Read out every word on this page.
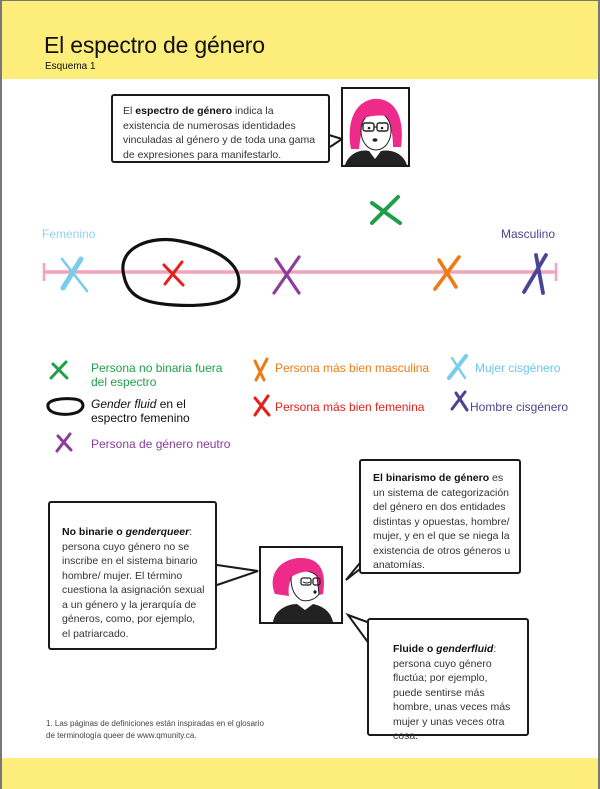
El espectro de género
Esquema 1
El espectro de género indica la existencia de numerosas identidades vinculadas al género y de toda una gama de expresiones para manifestarlo.
Femenino	Masculino
Persona no binaria fuera del espectro
Gender fluid en el espectro femenino
Persona de género neutro
Persona más bien masculina
Persona más bien femenina
Mujer cisgénero
Hombre cisgénero
No binarie o genderqueer:
persona cuyo género no se inscribe en el sistema binario hombre/ mujer. El término cuestiona la asignación sexual a un género y la jerarquía de géneros, como, por ejemplo, el patriarcado.
El binarismo de género es un sistema de categorización del género en dos entidades distintas y opuestas, hombre/ mujer, y en el que se niega la existencia de otros géneros u anatomías.
Fluide o genderfluid:
persona cuyo género fluctúa; por ejemplo, puede sentirse más hombre, unas veces más mujer y unas veces otra cosa.
1. Las páginas de definiciones están inspiradas en el glosario
de terminología queer de www.qmunity.ca.
